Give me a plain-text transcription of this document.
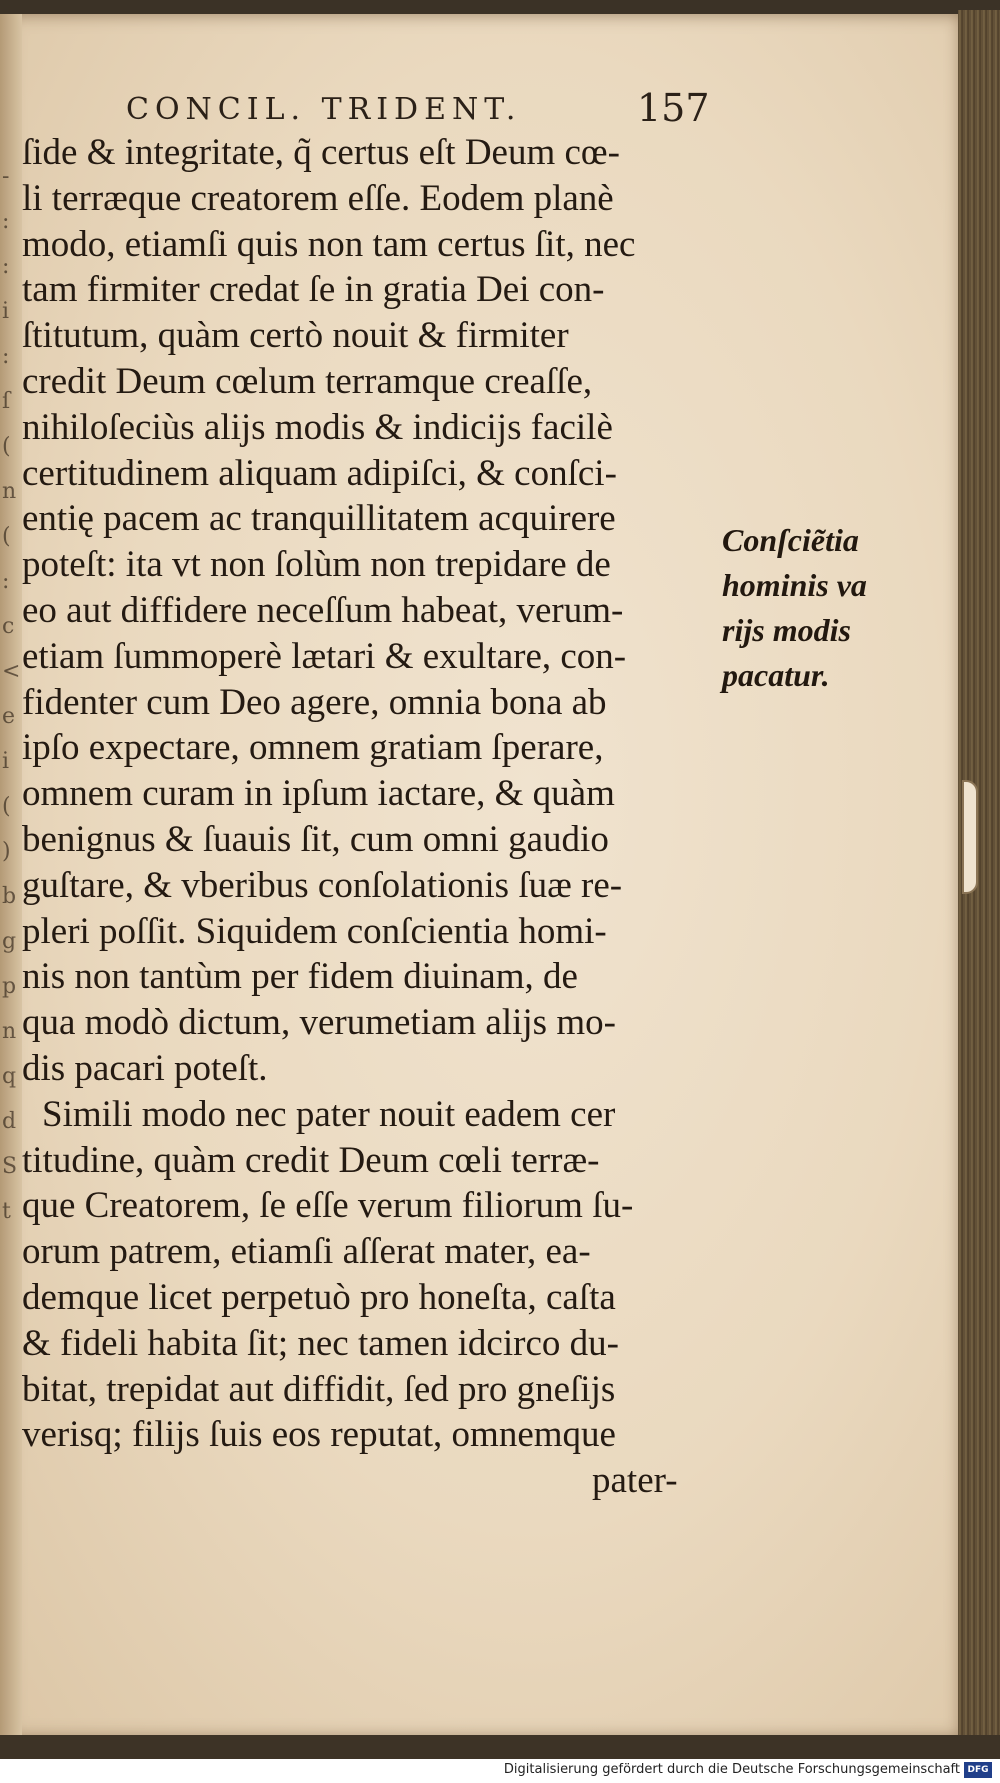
-
:
:
i
:
ſ
(
n
(
:
c
<
e
i
(
)
b
g
p
n
q
d
S
t
CONCIL. TRIDENT.	157
ſide & integritate, q̃ certus eſt Deum cœ-
li terræque creatorem eſſe. Eodem planè
modo, etiamſi quis non tam certus ſit, nec
tam firmiter credat ſe in gratia Dei con-
ſtitutum, quàm certò nouit & firmiter
credit Deum cœlum terramque creaſſe,
nihiloſeciùs alijs modis & indicijs facilè
certitudinem aliquam adipiſci, & conſci-
entię pacem ac tranquillitatem acquirere
poteſt: ita vt non ſolùm non trepidare de
eo aut diffidere neceſſum habeat, verum-
etiam ſummoperè lætari & exultare, con-
fidenter cum Deo agere, omnia bona ab
ipſo expectare, omnem gratiam ſperare,
omnem curam in ipſum iactare, & quàm
benignus & ſuauis ſit, cum omni gaudio
guſtare, & vberibus conſolationis ſuæ re-
pleri poſſit. Siquidem conſcientia homi-
nis non tantùm per fidem diuinam, de
qua modò dictum, verumetiam alijs mo-
dis pacari poteſt.
Simili modo nec pater nouit eadem cer
titudine, quàm credit Deum cœli terræ-
que Creatorem, ſe eſſe verum filiorum ſu-
orum patrem, etiamſi aſſerat mater, ea-
demque licet perpetuò pro honeſta, caſta
& fideli habita ſit; nec tamen idcirco du-
bitat, trepidat aut diffidit, ſed pro gneſijs
verisq; filijs ſuis eos reputat, omnemque
pater-
Conſciẽtia
hominis va
rijs modis
pacatur.
Digitalisierung gefördert durch die Deutsche Forschungsgemeinschaft DFG
